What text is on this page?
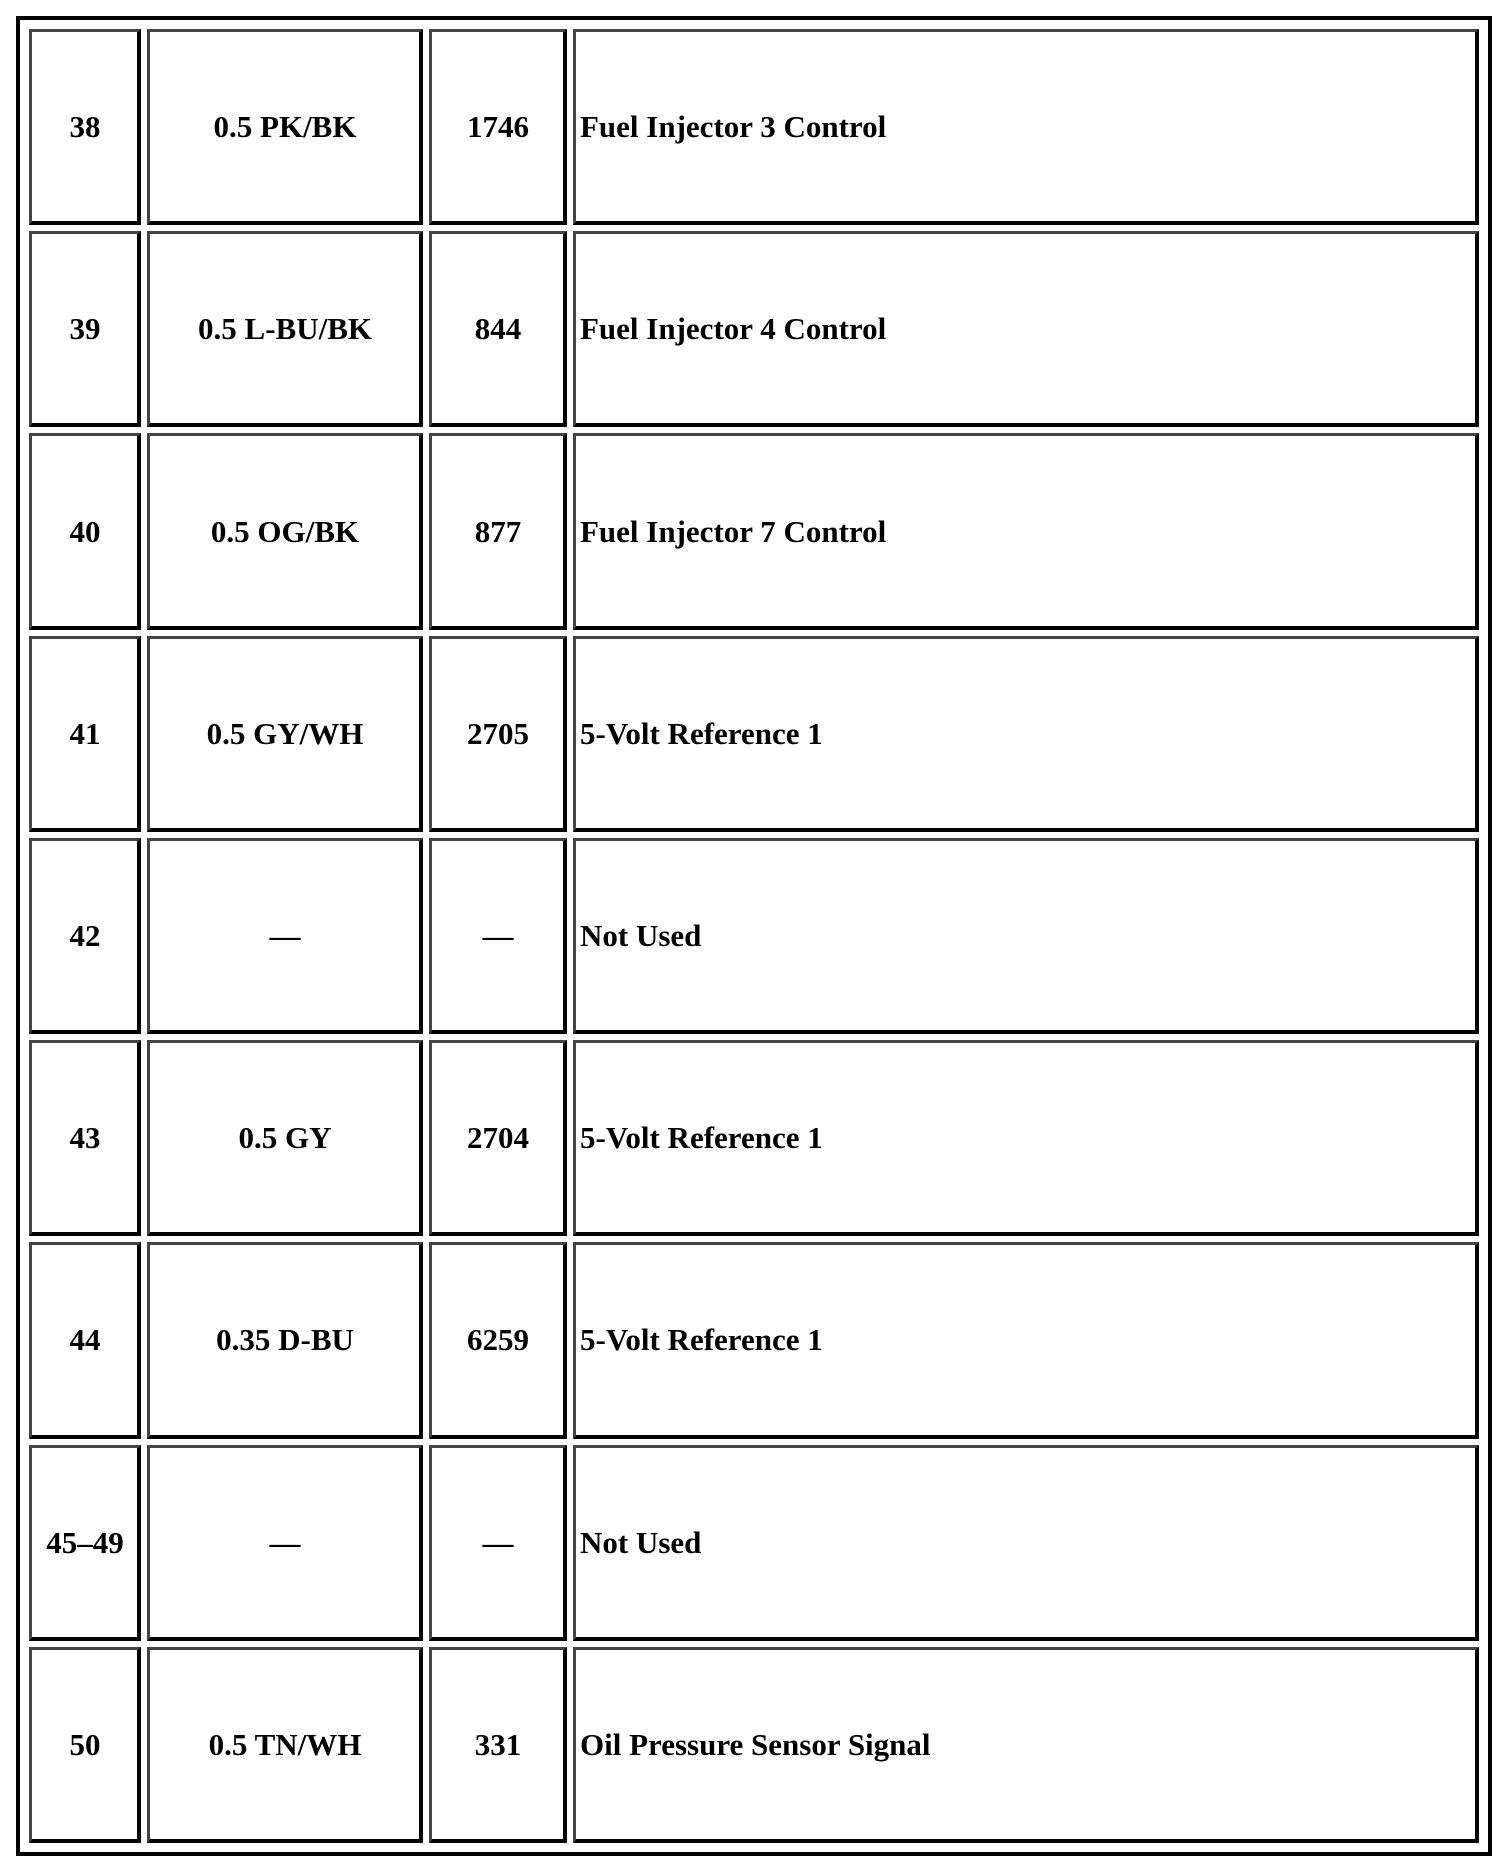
38	0.5 PK/BK	1746	Fuel Injector 3 Control
39	0.5 L-BU/BK	844	Fuel Injector 4 Control
40	0.5 OG/BK	877	Fuel Injector 7 Control
41	0.5 GY/WH	2705	5-Volt Reference 1
42	—	—	Not Used
43	0.5 GY	2704	5-Volt Reference 1
44	0.35 D-BU	6259	5-Volt Reference 1
45–49	—	—	Not Used
50	0.5 TN/WH	331	Oil Pressure Sensor Signal
